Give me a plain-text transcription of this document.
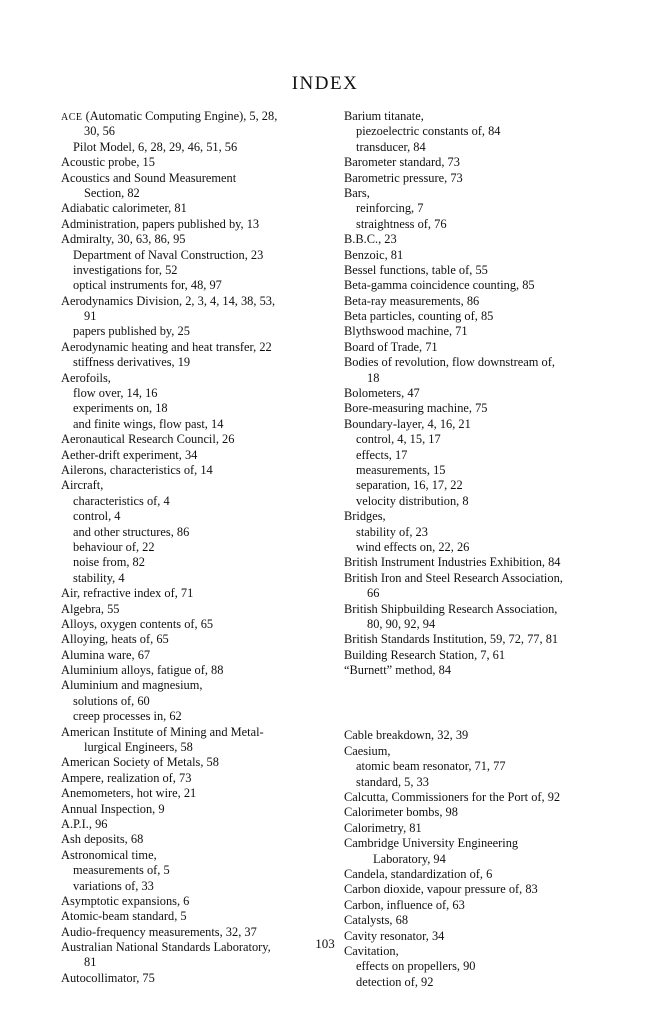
INDEX
ACE (Automatic Computing Engine), 5, 28,
30, 56
Pilot Model, 6, 28, 29, 46, 51, 56
Acoustic probe, 15
Acoustics and Sound Measurement
Section, 82
Adiabatic calorimeter, 81
Administration, papers published by, 13
Admiralty, 30, 63, 86, 95
Department of Naval Construction, 23
investigations for, 52
optical instruments for, 48, 97
Aerodynamics Division, 2, 3, 4, 14, 38, 53,
91
papers published by, 25
Aerodynamic heating and heat transfer, 22
stiffness derivatives, 19
Aerofoils,
flow over, 14, 16
experiments on, 18
and finite wings, flow past, 14
Aeronautical Research Council, 26
Aether-drift experiment, 34
Ailerons, characteristics of, 14
Aircraft,
characteristics of, 4
control, 4
and other structures, 86
behaviour of, 22
noise from, 82
stability, 4
Air, refractive index of, 71
Algebra, 55
Alloys, oxygen contents of, 65
Alloying, heats of, 65
Alumina ware, 67
Aluminium alloys, fatigue of, 88
Aluminium and magnesium,
solutions of, 60
creep processes in, 62
American Institute of Mining and Metal-
lurgical Engineers, 58
American Society of Metals, 58
Ampere, realization of, 73
Anemometers, hot wire, 21
Annual Inspection, 9
A.P.I., 96
Ash deposits, 68
Astronomical time,
measurements of, 5
variations of, 33
Asymptotic expansions, 6
Atomic-beam standard, 5
Audio-frequency measurements, 32, 37
Australian National Standards Laboratory,
81
Autocollimator, 75
Barium titanate,
piezoelectric constants of, 84
transducer, 84
Barometer standard, 73
Barometric pressure, 73
Bars,
reinforcing, 7
straightness of, 76
B.B.C., 23
Benzoic, 81
Bessel functions, table of, 55
Beta-gamma coincidence counting, 85
Beta-ray measurements, 86
Beta particles, counting of, 85
Blythswood machine, 71
Board of Trade, 71
Bodies of revolution, flow downstream of,
18
Bolometers, 47
Bore-measuring machine, 75
Boundary-layer, 4, 16, 21
control, 4, 15, 17
effects, 17
measurements, 15
separation, 16, 17, 22
velocity distribution, 8
Bridges,
stability of, 23
wind effects on, 22, 26
British Instrument Industries Exhibition, 84
British Iron and Steel Research Association,
66
British Shipbuilding Research Association,
80, 90, 92, 94
British Standards Institution, 59, 72, 77, 81
Building Research Station, 7, 61
“Burnett” method, 84
Cable breakdown, 32, 39
Caesium,
atomic beam resonator, 71, 77
standard, 5, 33
Calcutta, Commissioners for the Port of, 92
Calorimeter bombs, 98
Calorimetry, 81
Cambridge University Engineering
Laboratory, 94
Candela, standardization of, 6
Carbon dioxide, vapour pressure of, 83
Carbon, influence of, 63
Catalysts, 68
Cavity resonator, 34
Cavitation,
effects on propellers, 90
detection of, 92
103
